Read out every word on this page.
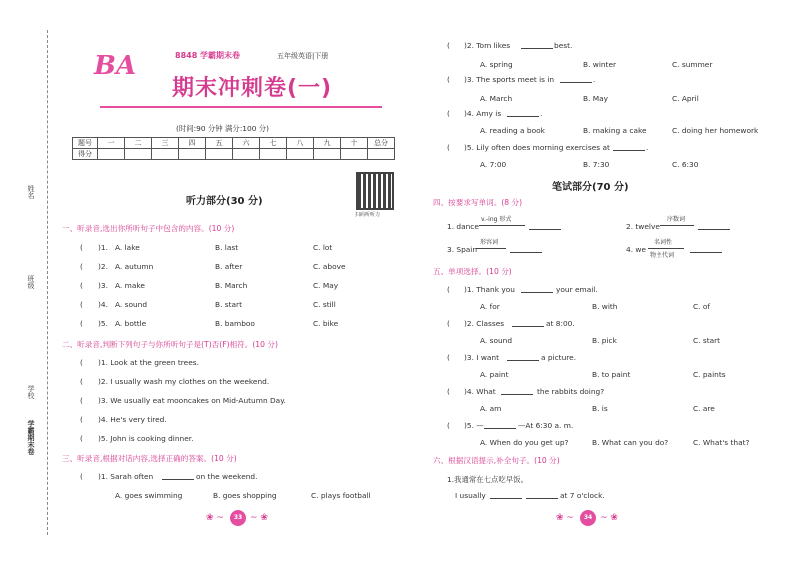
姓名
班级
学校
学霸期末卷
BA	8848 学霸期末卷	五年级英语|下册
期末冲刺卷(一)
(时间:90 分钟 满分:100 分)
题号	一	二	三	四	五	六	七	八	九	十	总分
得分											
扫码听听力
听力部分(30 分)
一、听录音,选出你所听句子中包含的内容。(10 分)
( )1. A. lake	B. last	C. lot
( )2. A. autumn	B. after	C. above
( )3. A. make	B. March	C. May
( )4. A. sound	B. start	C. still
( )5. A. bottle	B. bamboo	C. bike
二、听录音,判断下列句子与你所听句子是(T)否(F)相符。(10 分)
( )1. Look at the green trees.
( )2. I usually wash my clothes on the weekend.
( )3. We usually eat mooncakes on Mid-Autumn Day.
( )4. He's very tired.
( )5. John is cooking dinner.
三、听录音,根据对话内容,选择正确的答案。(10 分)
( )1. Sarah often	on the weekend.
A. goes swimming	B. goes shopping	C. plays football
33
❀ ~	~ ❀
( )2. Tom likes	best.
A. spring	B. winter	C. summer
( )3. The sports meet is in	.
A. March	B. May	C. April
( )4. Amy is	.
A. reading a book	B. making a cake	C. doing her homework
( )5. Lily often does morning exercises at	.
A. 7:00	B. 7:30	C. 6:30
笔试部分(70 分)
四、按要求写单词。(8 分)
1. dance
v.-ing 形式
2. twelve
序数词
3. Spain
形容词
4. we
名词性
物主代词
五、单项选择。(10 分)
( )1. Thank you	your email.
A. for	B. with	C. of
( )2. Classes	at 8:00.
A. sound	B. pick	C. start
( )3. I want	a picture.
A. paint	B. to paint	C. paints
( )4. What	the rabbits doing?
A. am	B. is	C. are
( )5. —	—At 6:30 a. m.
A. When do you get up?	B. What can you do?	C. What's that?
六、根据汉语提示,补全句子。(10 分)
1.我通常在七点吃早饭。
I usually	at 7 o'clock.
34
❀ ~	~ ❀
